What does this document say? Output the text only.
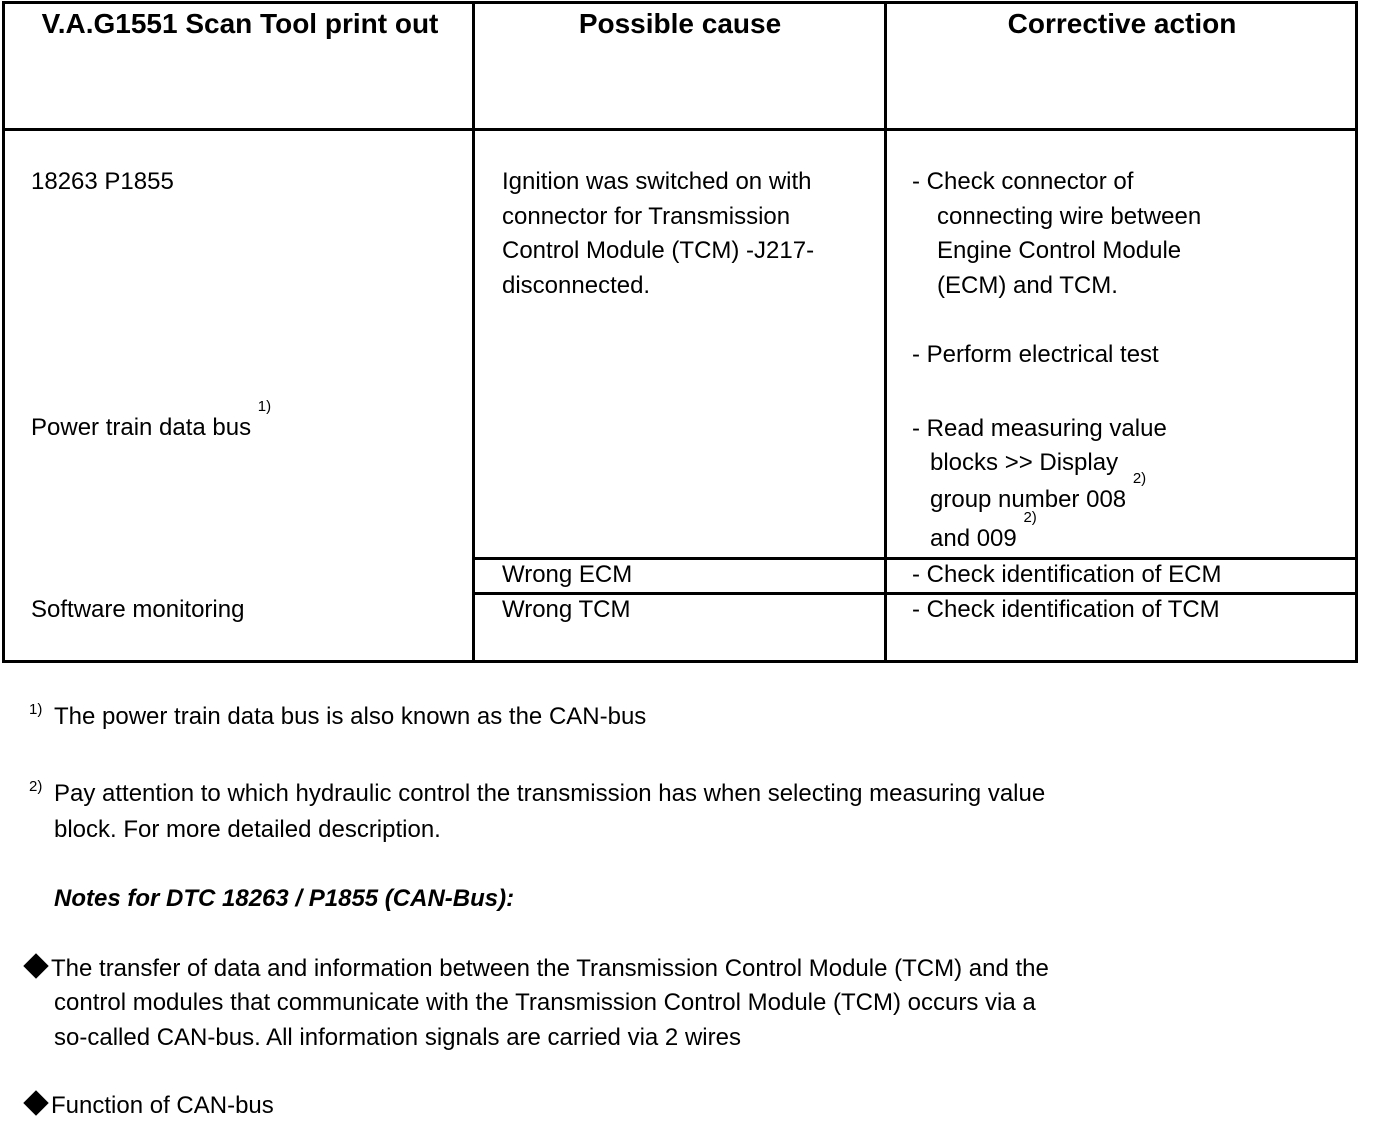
V.A.G1551 Scan Tool print out	Possible cause	Corrective action
18263 P1855
Power train data bus $^{1)}$
Software monitoring
Ignition was switched on with
connector for Transmission
Control Module (TCM) -J217-
disconnected.
Wrong ECM
Wrong TCM
- Check connector of
connecting wire between
Engine Control Module
(ECM) and TCM.
- Perform electrical test
- Read measuring value
blocks >> Display
group number 008 $^{2)}$
and 009 $^{2)}$
- Check identification of ECM
- Check identification of TCM
1) The power train data bus is also known as the CAN-bus
2) Pay attention to which hydraulic control the transmission has when selecting measuring value
block. For more detailed description.
Notes for DTC 18263 / P1855 (CAN-Bus):
The transfer of data and information between the Transmission Control Module (TCM) and the
control modules that communicate with the Transmission Control Module (TCM) occurs via a
so-called CAN-bus. All information signals are carried via 2 wires
Function of CAN-bus
